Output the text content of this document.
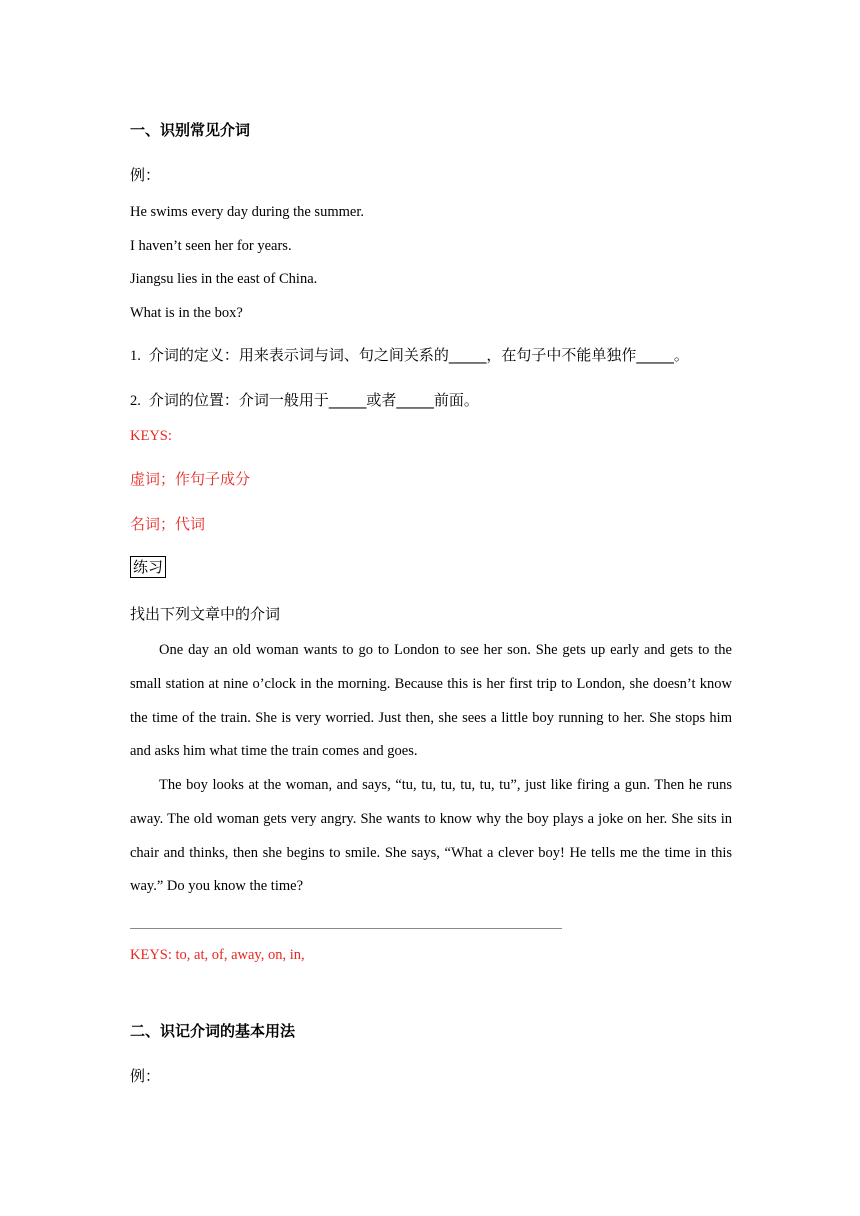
一、识别常见介词
例：
He swims every day during the summer.
I haven’t seen her for years.
Jiangsu lies in the east of China.
What is in the box?
1. 介词的定义：用来表示词与词、句之间关系的_____，在句子中不能单独作_____。
2. 介词的位置：介词一般用于_____或者_____前面。
KEYS:
虚词；作句子成分
名词；代词
练习
找出下列文章中的介词
One day an old woman wants to go to London to see her son. She gets up early and gets to the small station at nine o’clock in the morning. Because this is her first trip to London, she doesn’t know the time of the train. She is very worried. Just then, she sees a little boy running to her. She stops him and asks him what time the train comes and goes.
The boy looks at the woman, and says, “tu, tu, tu, tu, tu, tu”, just like firing a gun. Then he runs away. The old woman gets very angry. She wants to know why the boy plays a joke on her. She sits in chair and thinks, then she begins to smile. She says, “What a clever boy! He tells me the time in this way.” Do you know the time?
KEYS: to, at, of, away, on, in,
二、识记介词的基本用法
例：
